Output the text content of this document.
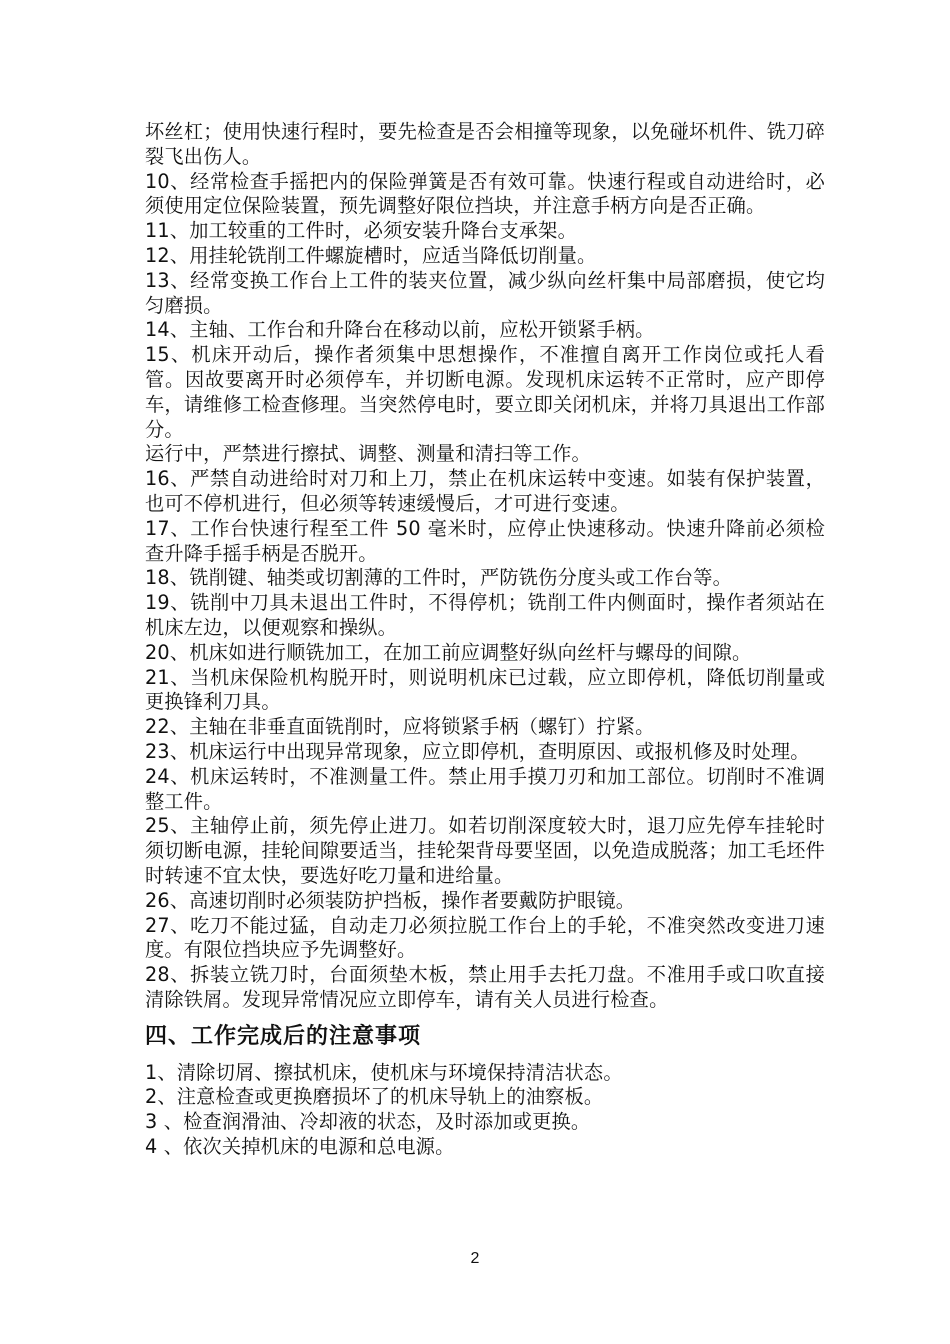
坏丝杠；使用快速行程时，要先检查是否会相撞等现象，以免碰坏机件、铣刀碎裂飞出伤人。

10、经常检查手摇把内的保险弹簧是否有效可靠。快速行程或自动进给时，必须使用定位保险装置，预先调整好限位挡块，并注意手柄方向是否正确。

11、加工较重的工件时，必须安装升降台支承架。

12、用挂轮铣削工件螺旋槽时，应适当降低切削量。

13、经常变换工作台上工件的装夹位置，减少纵向丝杆集中局部磨损，使它均匀磨损。

14、主轴、工作台和升降台在移动以前，应松开锁紧手柄。

15、机床开动后，操作者须集中思想操作，不准擅自离开工作岗位或托人看管。因故要离开时必须停车，并切断电源。发现机床运转不正常时，应产即停车，请维修工检查修理。当突然停电时，要立即关闭机床，并将刀具退出工作部分。

运行中，严禁进行擦拭、调整、测量和清扫等工作。

16、严禁自动进给时对刀和上刀，禁止在机床运转中变速。如装有保护装置，也可不停机进行，但必须等转速缓慢后，才可进行变速。

17、工作台快速行程至工件 50 毫米时，应停止快速移动。快速升降前必须检查升降手摇手柄是否脱开。

18、铣削键、轴类或切割薄的工件时，严防铣伤分度头或工作台等。

19、铣削中刀具未退出工件时，不得停机；铣削工件内侧面时，操作者须站在机床左边，以便观察和操纵。

20、机床如进行顺铣加工，在加工前应调整好纵向丝杆与螺母的间隙。

21、当机床保险机构脱开时，则说明机床已过载，应立即停机，降低切削量或更换锋利刀具。

22、主轴在非垂直面铣削时，应将锁紧手柄（螺钉）拧紧。

23、机床运行中出现异常现象，应立即停机，查明原因、或报机修及时处理。

24、机床运转时，不准测量工件。禁止用手摸刀刃和加工部位。切削时不准调整工件。

25、主轴停止前，须先停止进刀。如若切削深度较大时，退刀应先停车挂轮时须切断电源，挂轮间隙要适当，挂轮架背母要坚固，以免造成脱落；加工毛坯件时转速不宜太快，要选好吃刀量和进给量。

26、高速切削时必须装防护挡板，操作者要戴防护眼镜。

27、吃刀不能过猛，自动走刀必须拉脱工作台上的手轮，不准突然改变进刀速度。有限位挡块应予先调整好。

28、拆装立铣刀时，台面须垫木板，禁止用手去托刀盘。不准用手或口吹直接清除铁屑。发现异常情况应立即停车，请有关人员进行检查。

四、工作完成后的注意事项

1、清除切屑、擦拭机床，使机床与环境保持清洁状态。

2、注意检查或更换磨损坏了的机床导轨上的油察板。

3 、检查润滑油、冷却液的状态，及时添加或更换。

4 、依次关掉机床的电源和总电源。

2
